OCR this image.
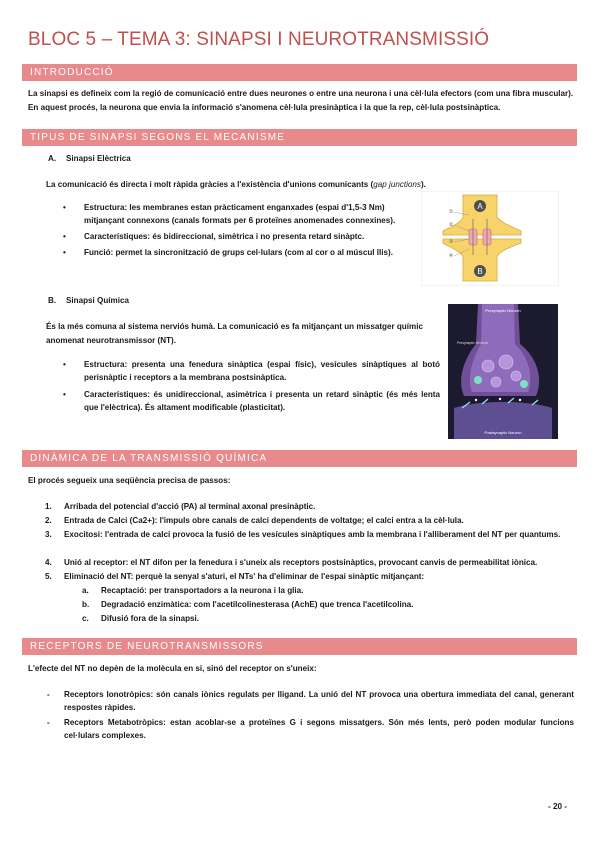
BLOC 5 – TEMA 3: SINAPSI I NEUROTRANSMISSIÓ
INTRODUCCIÓ

La sinapsi es defineix com la regió de comunicació entre dues neurones o entre una neurona i una cèl·lula efectors (com una fibra muscular). En aquest procés, la neurona que envia la informació s'anomena cèl·lula presinàptica i la que la rep, cèl·lula postsinàptica.

TIPUS DE SINAPSI SEGONS EL MECANISME
A. Sinapsi Elèctrica

La comunicació és directa i molt ràpida gràcies a l'existència d'unions comunicants (gap junctions).

• Estructura: les membranes estan pràcticament enganxades (espai d'1,5-3 Nm) mitjançant connexons (canals formats per 6 proteïnes anomenades connexines).
• Característiques: és bidireccional, simètrica i no presenta retard sinàptc.
• Funció: permet la sincronització de grups cel·lulars (com al cor o al múscul llis).
A
B
①
②
③
④
B. Sinapsi Química

És la més comuna al sistema nerviós humà. La comunicació es fa mitjançant un missatger químic anomenat neurotransmissor (NT).

• Estructura: presenta una fenedura sinàptica (espai físic), vesícules sinàptiques al botó perisnàptic i receptors a la membrana postsinàptica.
• Característiques: és unidireccional, asimètrica i presenta un retard sinàptic (és més lenta que l'elèctrica). És altament modificable (plasticitat).
Presynaptic Neuron
Presynaptic terminal
Postsynaptic Neuron
DINÀMICA DE LA TRANSMISSIÓ QUÍMICA

El procés segueix una seqüència precisa de passos:

1. Arribada del potencial d'acció (PA) al terminal axonal presinàptic.
2. Entrada de Calci (Ca2+): l'impuls obre canals de calci dependents de voltatge; el calci entra a la cèl·lula.
3. Exocitosi: l'entrada de calci provoca la fusió de les vesícules sinàptiques amb la membrana i l'alliberament del NT per quantums.
4. Unió al receptor: el NT difon per la fenedura i s'uneix als receptors postsinàptics, provocant canvis de permeabilitat iònica.
5. Eliminació del NT: perquè la senyal s'aturi, el NTs' ha d'eliminar de l'espai sinàptic mitjançant:
a. Recaptació: per transportadors a la neurona i la glia.
b. Degradació enzimàtica: com l'acetilcolinesterasa (AchE) que trenca l'acetilcolina.
c. Difusió fora de la sinapsi.
RECEPTORS DE NEUROTRANSMISSORS

L'efecte del NT no depèn de la molècula en si, sinó del receptor on s'uneix:

- Receptors Ionotròpics: són canals iònics regulats per lligand. La unió del NT provoca una obertura immediata del canal, generant respostes ràpides.
- Receptors Metabotròpics: estan acoblar-se a proteïnes G i segons missatgers. Són més lents, però poden modular funcions cel·lulars complexes.
- 20 -
